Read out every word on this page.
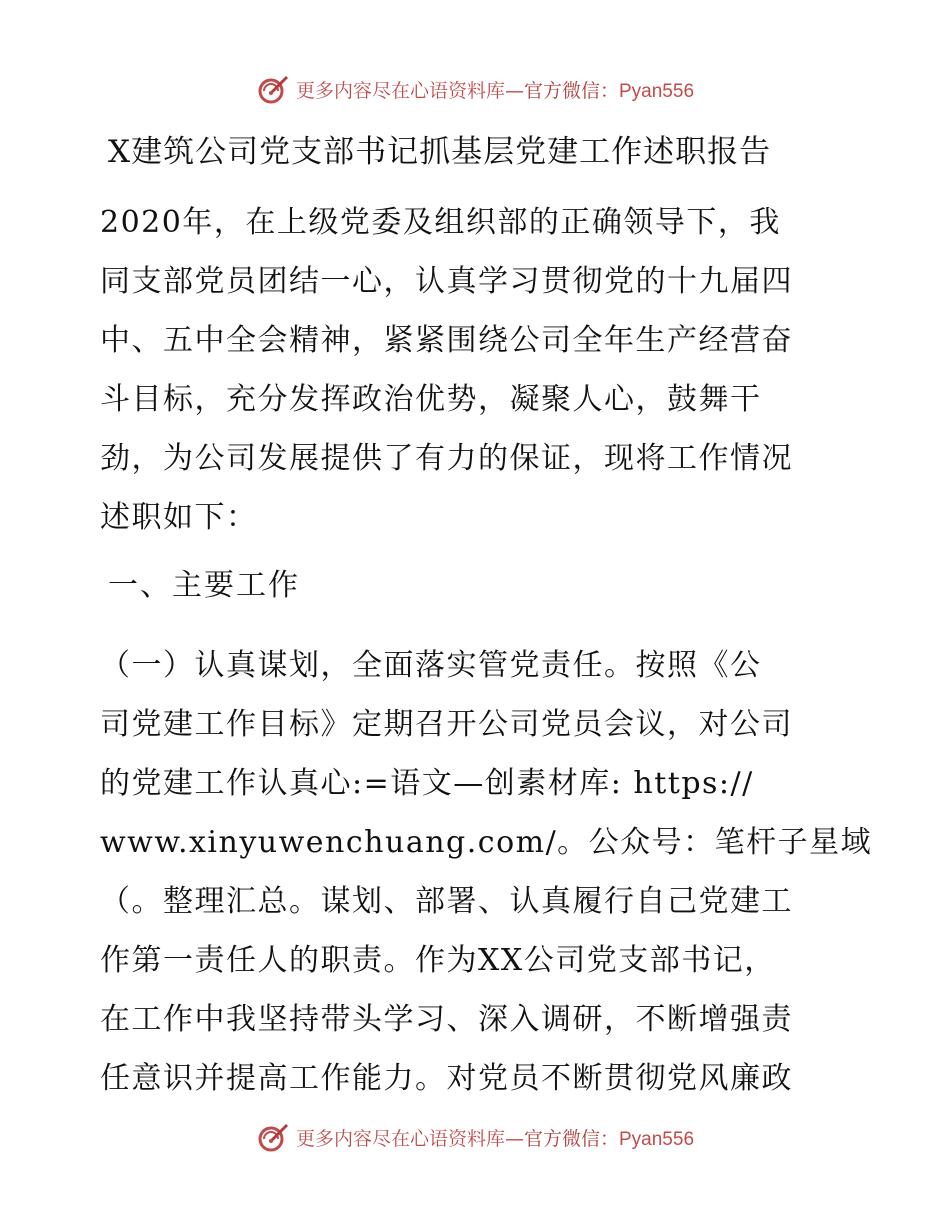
更多内容尽在心语资料库—官方微信：Pyan556
X建筑公司党支部书记抓基层党建工作述职报告
2020年，在上级党委及组织部的正确领导下，我
同支部党员团结一心，认真学习贯彻党的十九届四
中、五中全会精神，紧紧围绕公司全年生产经营奋
斗目标，充分发挥政治优势，凝聚人心，鼓舞干
劲，为公司发展提供了有力的保证，现将工作情况
述职如下：
一、主要工作
（一）认真谋划，全面落实管党责任。按照《公
司党建工作目标》定期召开公司党员会议，对公司
的党建工作认真心:=语文—创素材库: https://
www.xinyuwenchuang.com/。公众号：笔杆子星域
（。整理汇总。谋划、部署、认真履行自己党建工
作第一责任人的职责。作为XX公司党支部书记，
在工作中我坚持带头学习、深入调研，不断增强责
任意识并提高工作能力。对党员不断贯彻党风廉政
更多内容尽在心语资料库—官方微信：Pyan556
